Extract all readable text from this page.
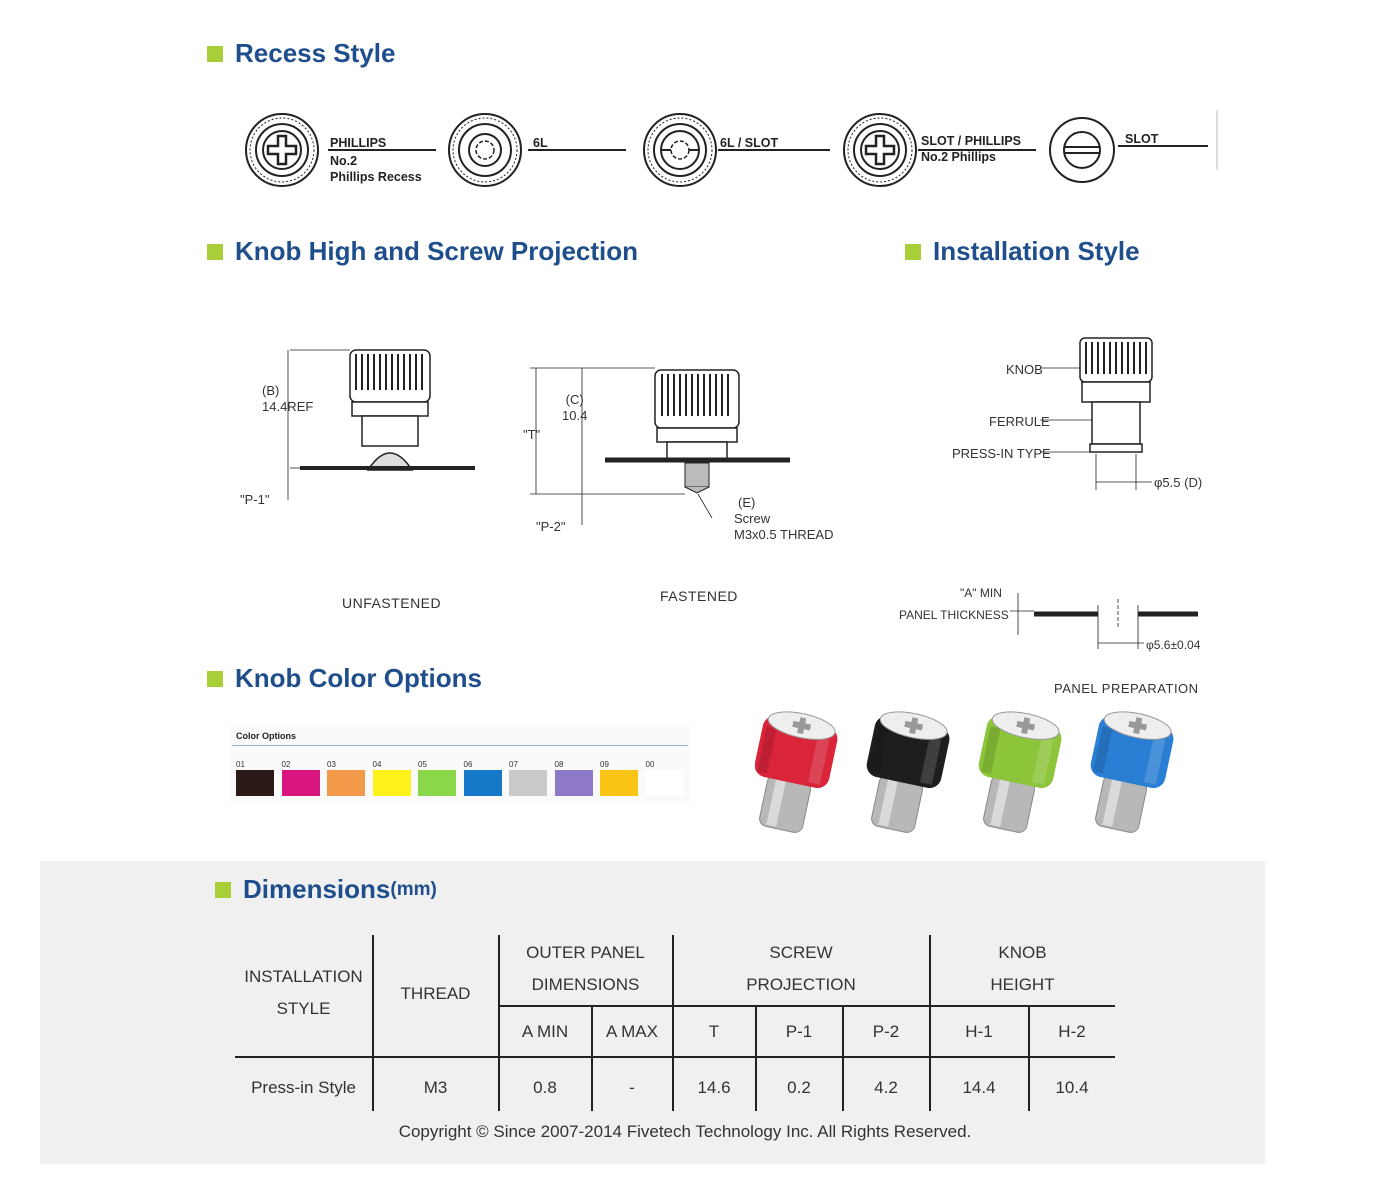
Recess Style
Knob High and Screw Projection	Installation Style
Knob Color Options
PHILLIPS
No.2
Phillips Recess
6L	6L / SLOT	SLOT / PHILLIPS
No.2 Phillips
SLOT
(B)
14.4REF
"P-1"
UNFASTENED
(C)
10.4
"T"
"P-2"
(E)
Screw
M3x0.5 THREAD
FASTENED
KNOB
FERRULE
PRESS-IN TYPE
φ5.5 (D)
"A" MIN
PANEL THICKNESS
φ5.6±0.04
PANEL PREPARATION
Color Options
01	02	03	04	05	06	07	08	09	00
Dimensions (mm)
INSTALLATION STYLE
THREAD
OUTER PANEL
DIMENSIONS
SCREW
PROJECTION
KNOB
HEIGHT
A MIN	A MAX	T	P-1	P-2	H-1	H-2
Press-in Style	M3	0.8	-	14.6	0.2	4.2	14.4	10.4
Copyright © Since 2007-2014 Fivetech Technology Inc. All Rights Reserved.
